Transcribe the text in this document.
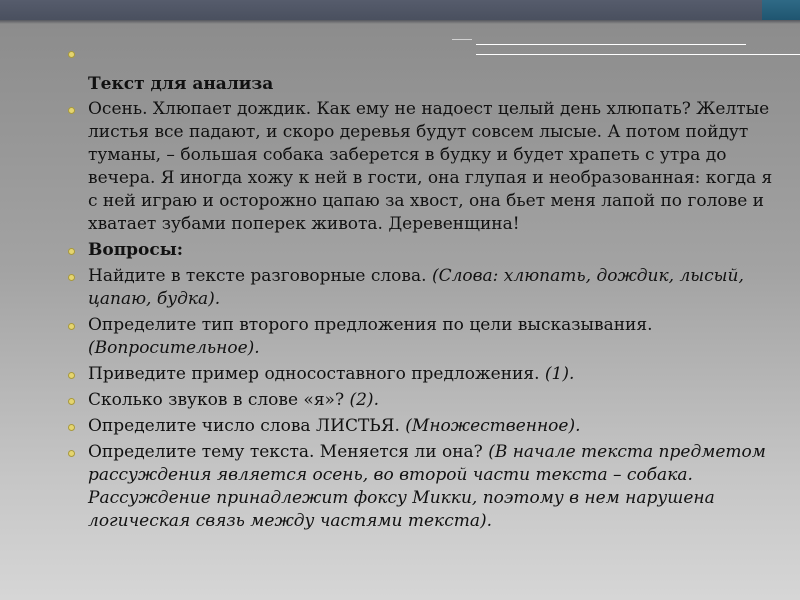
Текст для анализа
Осень. Хлюпает дождик. Как ему не надоест целый день хлюпать? Желтые листья все падают, и скоро деревья будут совсем лысые. А потом пойдут туманы, – большая собака заберется в будку и будет храпеть с утра до вечера. Я иногда хожу к ней в гости, она глупая и необразованная: когда я с ней играю и осторожно цапаю за хвост, она бьет меня лапой по голове и хватает зубами поперек живота. Деревенщина!
Вопросы:
Найдите в тексте разговорные слова. (Слова: хлюпать, дождик, лысый, цапаю, будка).
Определите тип второго предложения по цели высказывания. (Вопросительное).
Приведите пример односоставного предложения. (1).
Сколько звуков в слове «я»? (2).
Определите число слова ЛИСТЬЯ. (Множественное).
Определите тему текста. Меняется ли она? (В начале текста предметом рассуждения является осень, во второй части текста – собака. Рассуждение принадлежит фоксу Микки, поэтому в нем нарушена логическая связь между частями текста).
